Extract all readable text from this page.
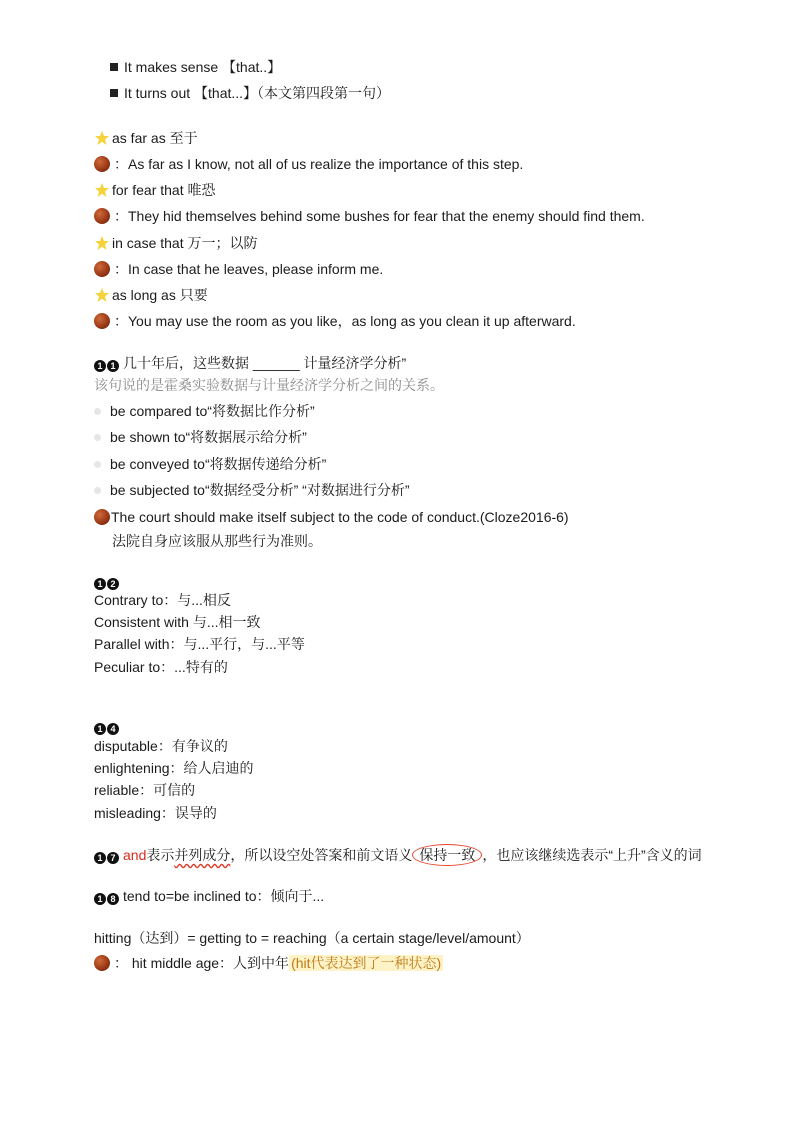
It makes sense 【that..】
It turns out 【that...】（本文第四段第一句）
as far as 至于
：As far as I know, not all of us realize the importance of this step.
for fear that 唯恐
：They hid themselves behind some bushes for fear that the enemy should find them.
in case that 万一；以防
：In case that he leaves, please inform me.
as long as 只要
：You may use the room as you like，as long as you clean it up afterward.
1 1 几十年后，这些数据 ______ 计量经济学分析”
该句说的是霍桑实验数据与计量经济学分析之间的关系。
be compared to“将数据比作分析”
be shown to“将数据展示给分析”
be conveyed to“将数据传递给分析”
be subjected to“数据经受分析” “对数据进行分析”
The court should make itself subject to the code of conduct.(Cloze2016-6)
法院自身应该服从那些行为准则。
1 2
Contrary to：与...相反
Consistent with 与...相一致
Parallel with：与...平行，与...平等
Peculiar to：...特有的
1 4
disputable：有争议的
enlightening：给人启迪的
reliable：可信的
misleading：误导的
1 7 and表示并列成分，所以设空处答案和前文语义 保持一致 ，也应该继续选表示“上升”含义的词
1 8 tend to=be inclined to：倾向于...
hitting（达到）= getting to = reaching（a certain stage/level/amount）
： hit middle age：人到中年 (hit代表达到了一种状态)
